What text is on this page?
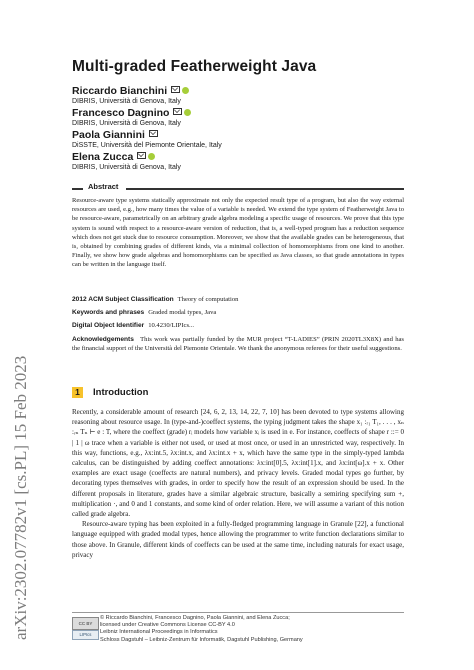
arXiv:2302.07782v1 [cs.PL] 15 Feb 2023
Multi-graded Featherweight Java
Riccardo Bianchini
DIBRIS, Università di Genova, Italy
Francesco Dagnino
DIBRIS, Università di Genova, Italy
Paola Giannini
DiSSTE, Università del Piemonte Orientale, Italy
Elena Zucca
DIBRIS, Università di Genova, Italy
Abstract
Resource-aware type systems statically approximate not only the expected result type of a program, but also the way external resources are used, e.g., how many times the value of a variable is needed. We extend the type system of Featherweight Java to be resource-aware, parametrically on an arbitrary grade algebra modeling a specific usage of resources. We prove that this type system is sound with respect to a resource-aware version of reduction, that is, a well-typed program has a reduction sequence which does not get stuck due to resource consumption. Moreover, we show that the available grades can be heterogeneous, that is, obtained by combining grades of different kinds, via a minimal collection of homomorphisms from one kind to another. Finally, we show how grade algebras and homomorphisms can be specified as Java classes, so that grade annotations in types can be written in the language itself.
2012 ACM Subject Classification Theory of computation
Keywords and phrases Graded modal types, Java
Digital Object Identifier 10.4230/LIPIcs...
Acknowledgements This work was partially funded by the MUR project “T-LADIES” (PRIN 2020TL3X8X) and has the financial support of the Università del Piemonte Orientale. We thank the anonymous referees for their useful suggestions.
1	Introduction

Recently, a considerable amount of research [24, 6, 2, 13, 14, 22, 7, 10] has been devoted to type systems allowing reasoning about resource usage. In (type-and-)coeffect systems, the typing judgment takes the shape x₁ :ᵣ₁ T₁, . . . , xₙ :ᵣₙ Tₙ ⊢ e : T, where the coeffect (grade) rᵢ models how variable xᵢ is used in e. For instance, coeffects of shape r ::= 0 | 1 | ω trace when a variable is either not used, or used at most once, or used in an unrestricted way, respectively. In this way, functions, e.g., λx:int.5, λx:int.x, and λx:int.x + x, which have the same type in the simply-typed lambda calculus, can be distinguished by adding coeffect annotations: λx:int[0].5, λx:int[1].x, and λx:int[ω].x + x. Other examples are exact usage (coeffects are natural numbers), and privacy levels. Graded modal types go further, by decorating types themselves with grades, in order to specify how the result of an expression should be used. In the different proposals in literature, grades have a similar algebraic structure, basically a semiring specifying sum +, multiplication ·, and 0 and 1 constants, and some kind of order relation. Here, we will assume a variant of this notion called grade algebra.

Resource-aware typing has been exploited in a fully-fledged programming language in Granule [22], a functional language equipped with graded modal types, hence allowing the programmer to write function declarations similar to those above. In Granule, different kinds of coeffects can be used at the same time, including naturals for exact usage, privacy

CC BY
LIPIcs
© Riccardo Bianchini, Francesco Dagnino, Paola Giannini, and Elena Zucca;
licensed under Creative Commons License CC-BY 4.0
Leibniz International Proceedings in Informatics
Schloss Dagstuhl – Leibniz-Zentrum für Informatik, Dagstuhl Publishing, Germany
